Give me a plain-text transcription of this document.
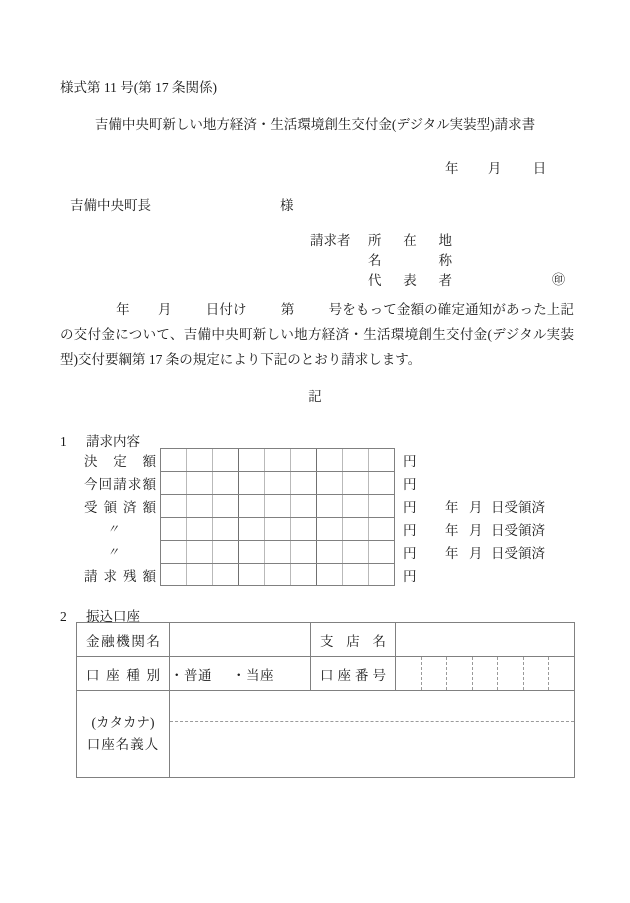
様式第 11 号(第 17 条関係)
吉備中央町新しい地方経済・生活環境創生交付金(デジタル実装型)請求書
年 月 日
吉備中央町長	様
請求者	所在地
名称
代表者	㊞
年 月	日付け	第	号をもって金額の確定通知があった上記の交付金について、吉備中央町新しい地方経済・生活環境創生交付金(デジタル実装型)交付要綱第 17 条の規定により下記のとおり請求します。
記
1 請求内容
決定額	円
今回請求額	円
受領済額	円	年 月 日受領済
〃	円	年 月 日受領済
〃	円	年 月 日受領済
請求残額	円
2 振込口座
金融機関名		支店名	
口座種別	・普通 ・当座	口座番号	

(カタカナ)
口座名義人			
